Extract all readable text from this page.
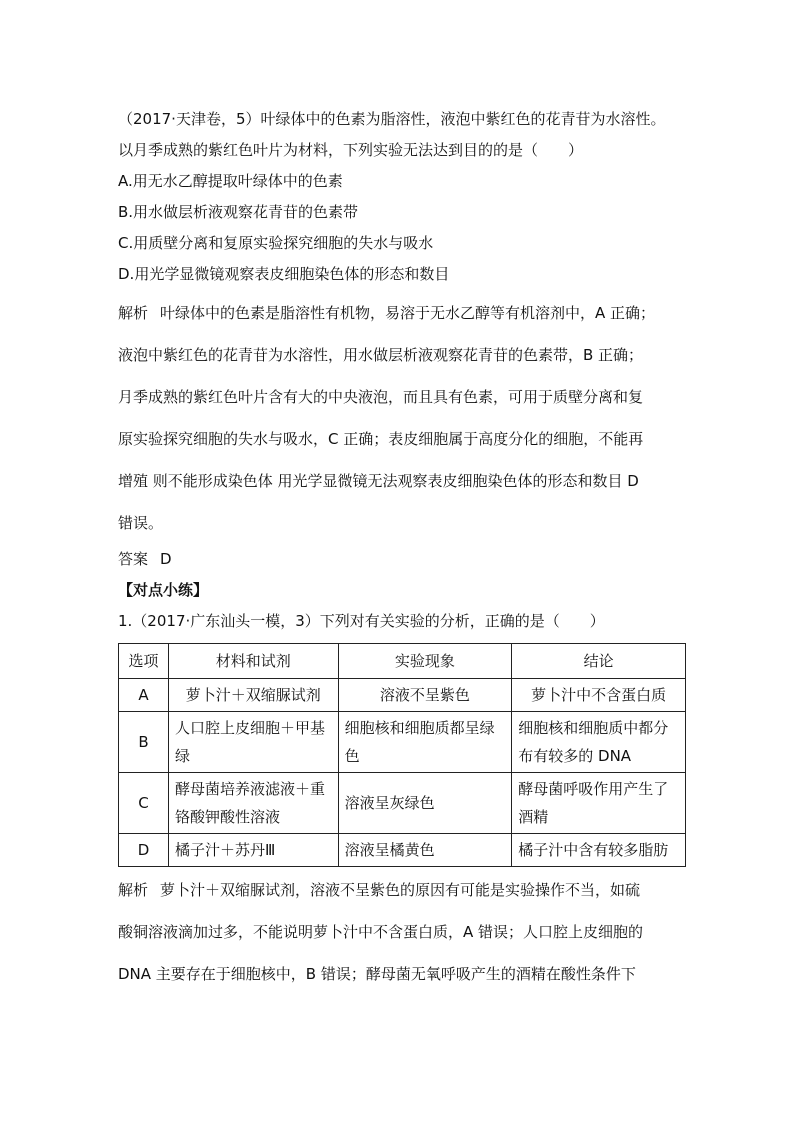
（2017·天津卷，5）叶绿体中的色素为脂溶性，液泡中紫红色的花青苷为水溶性。
以月季成熟的紫红色叶片为材料，下列实验无法达到目的的是（　　）
A.用无水乙醇提取叶绿体中的色素
B.用水做层析液观察花青苷的色素带
C.用质壁分离和复原实验探究细胞的失水与吸水
D.用光学显微镜观察表皮细胞染色体的形态和数目
解析 叶绿体中的色素是脂溶性有机物，易溶于无水乙醇等有机溶剂中，A 正确；
液泡中紫红色的花青苷为水溶性，用水做层析液观察花青苷的色素带，B 正确；
月季成熟的紫红色叶片含有大的中央液泡，而且具有色素，可用于质壁分离和复
原实验探究细胞的失水与吸水，C 正确；表皮细胞属于高度分化的细胞，不能再
增殖 则不能形成染色体 用光学显微镜无法观察表皮细胞染色体的形态和数目 D
错误。
答案 D
【对点小练】
1.（2017·广东汕头一模，3）下列对有关实验的分析，正确的是（　　）
选项	材料和试剂	实验现象	结论
A	萝卜汁＋双缩脲试剂	溶液不呈紫色	萝卜汁中不含蛋白质
B	人口腔上皮细胞＋甲基绿	细胞核和细胞质都呈绿色	细胞核和细胞质中都分布有较多的 DNA
C	酵母菌培养液滤液＋重铬酸钾酸性溶液	溶液呈灰绿色	酵母菌呼吸作用产生了酒精
D	橘子汁＋苏丹Ⅲ	溶液呈橘黄色	橘子汁中含有较多脂肪
解析 萝卜汁＋双缩脲试剂，溶液不呈紫色的原因有可能是实验操作不当，如硫
酸铜溶液滴加过多，不能说明萝卜汁中不含蛋白质，A 错误；人口腔上皮细胞的
DNA 主要存在于细胞核中，B 错误；酵母菌无氧呼吸产生的酒精在酸性条件下
